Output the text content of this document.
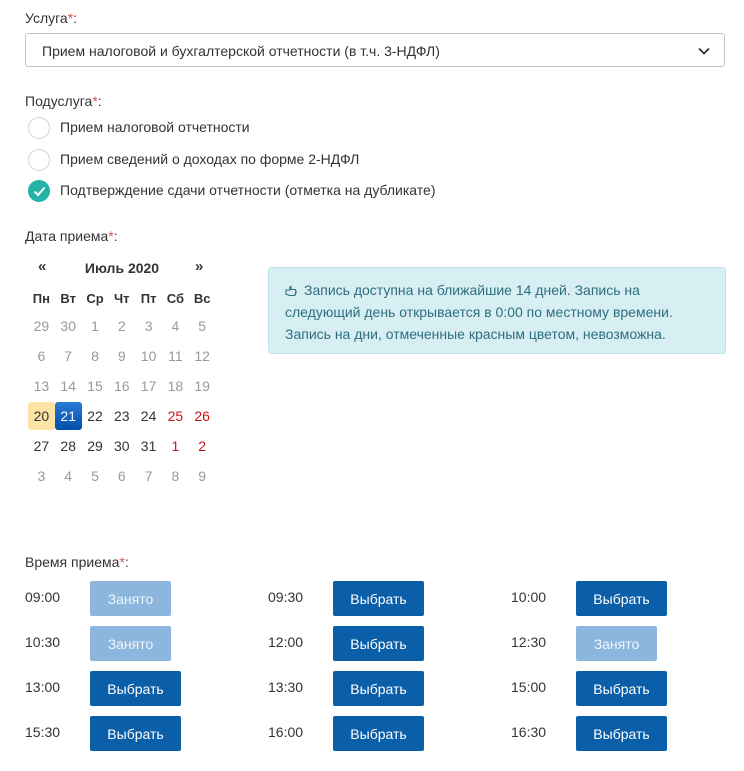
Услуга*:
Прием налоговой и бухгалтерской отчетности (в т.ч. 3-НДФЛ)
Подуслуга*:
Прием налоговой отчетности
Прием сведений о доходах по форме 2-НДФЛ
Подтверждение сдачи отчетности (отметка на дубликате)
Дата приема*:
Июль 2020
«	»
Пн Вт Ср Чт Пт Сб Вс
29 30	1	2	3	4	5
6	7	8	9	10 11 12
13 14 15 16 17 18 19
20 21 22 23 24 25 26
27 28 29 30 31	1	2
3	4	5	6	7	8	9
Запись доступна на ближайшие 14 дней. Запись на следующий день открывается в 0:00 по местному времени. Запись на дни, отмеченные красным цветом, невозможна.
Время приема*:
09:00	Занято	09:30	Выбрать	10:00	Выбрать
10:30	Занято	12:00	Выбрать	12:30	Занято
13:00	Выбрать	13:30	Выбрать	15:00	Выбрать
15:30	Выбрать	16:00	Выбрать	16:30	Выбрать
